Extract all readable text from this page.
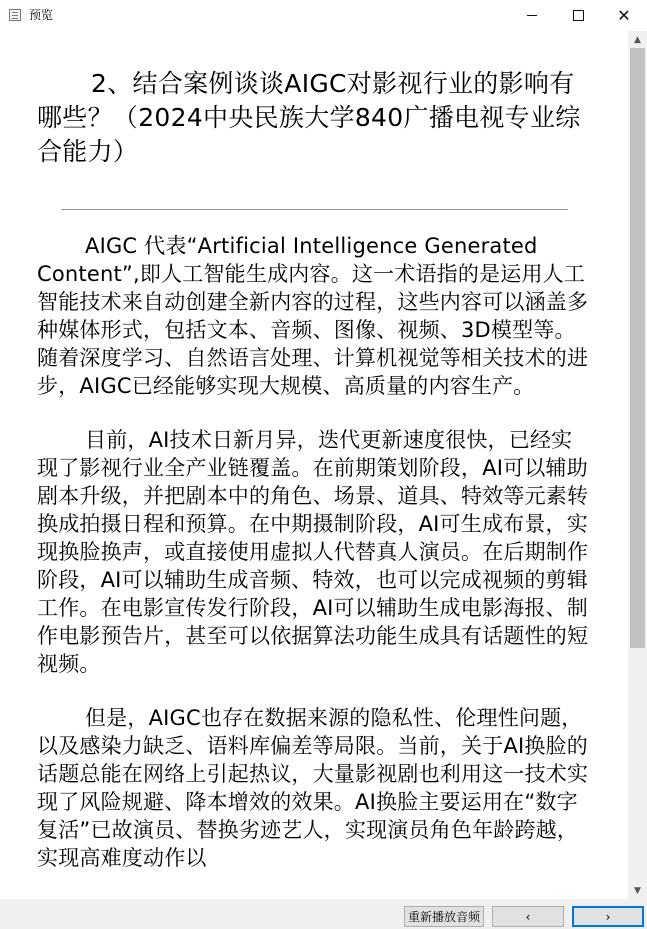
预览	✕

2、结合案例谈谈AIGC对影视行业的影响有哪些？（2024中央民族大学840广播电视专业综合能力）

AIGC 代表“Artificial Intelligence Generated Content”,即人工智能生成内容。这一术语指的是运用人工智能技术来自动创建全新内容的过程，这些内容可以涵盖多种媒体形式，包括文本、音频、图像、视频、3D模型等。随着深度学习、自然语言处理、计算机视觉等相关技术的进步，AIGC已经能够实现大规模、高质量的内容生产。

目前，AI技术日新月异，迭代更新速度很快，已经实现了影视行业全产业链覆盖。在前期策划阶段，AI可以辅助剧本升级，并把剧本中的角色、场景、道具、特效等元素转换成拍摄日程和预算。在中期摄制阶段，AI可生成布景，实现换脸换声，或直接使用虚拟人代替真人演员。在后期制作阶段，AI可以辅助生成音频、特效，也可以完成视频的剪辑工作。在电影宣传发行阶段，AI可以辅助生成电影海报、制作电影预告片，甚至可以依据算法功能生成具有话题性的短视频。

但是，AIGC也存在数据来源的隐私性、伦理性问题，以及感染力缺乏、语料库偏差等局限。当前，关于AI换脸的话题总能在网络上引起热议，大量影视剧也利用这一技术实现了风险规避、降本增效的效果。AI换脸主要运用在“数字复活”已故演员、替换劣迹艺人，实现演员角色年龄跨越，实现高难度动作以

▲
▼
重新播放音频	‹	›
